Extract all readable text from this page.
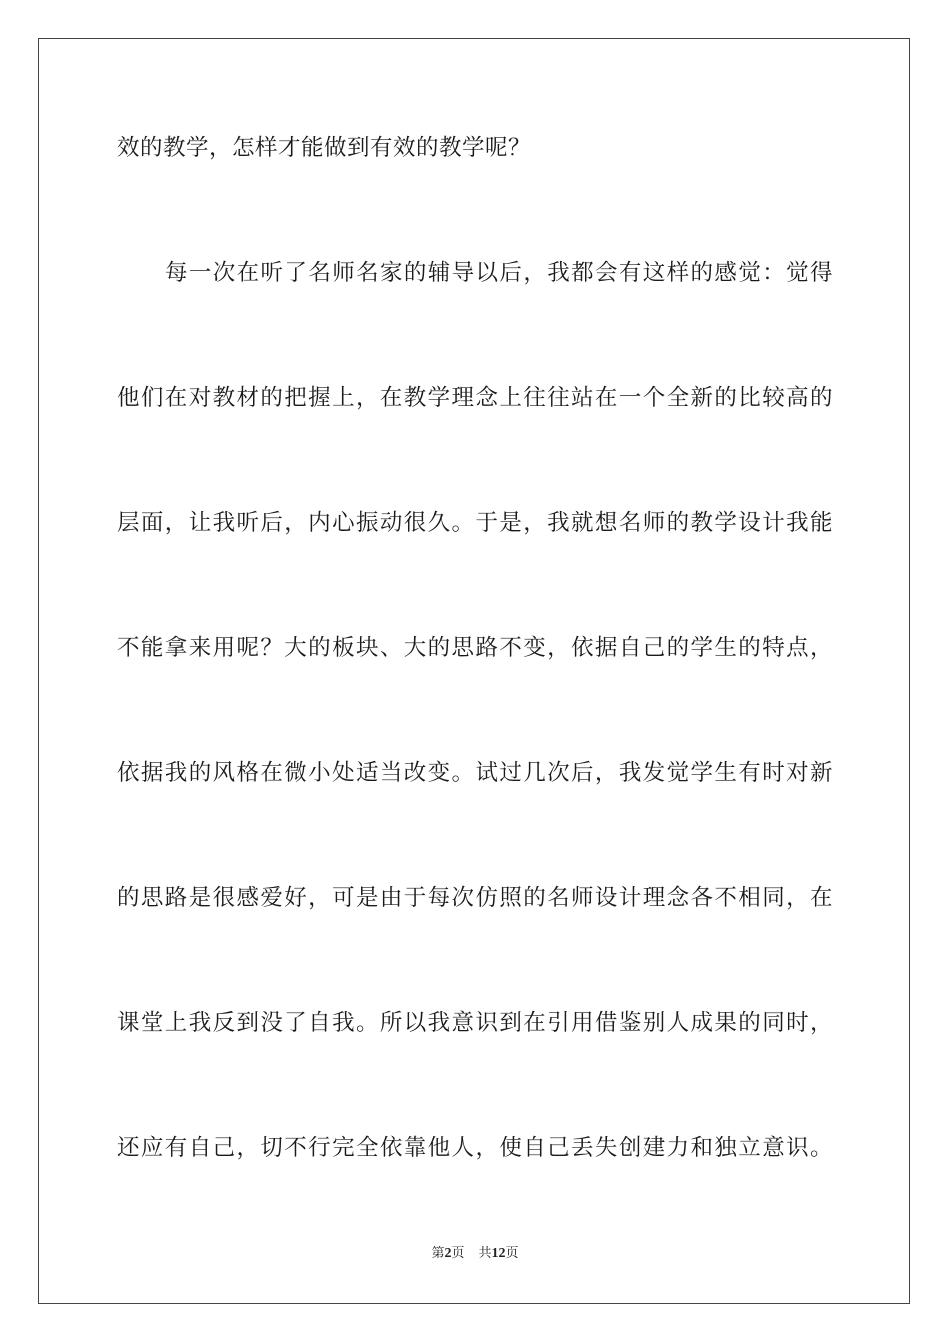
效的教学，怎样才能做到有效的教学呢？
每一次在听了名师名家的辅导以后，我都会有这样的感觉：觉得
他们在对教材的把握上，在教学理念上往往站在一个全新的比较高的
层面，让我听后，内心振动很久。于是，我就想名师的教学设计我能
不能拿来用呢？大的板块、大的思路不变，依据自己的学生的特点，
依据我的风格在微小处适当改变。试过几次后，我发觉学生有时对新
的思路是很感爱好，可是由于每次仿照的名师设计理念各不相同，在
课堂上我反到没了自我。所以我意识到在引用借鉴别人成果的同时，
还应有自己，切不行完全依靠他人，使自己丢失创建力和独立意识。
第2页 共12页
